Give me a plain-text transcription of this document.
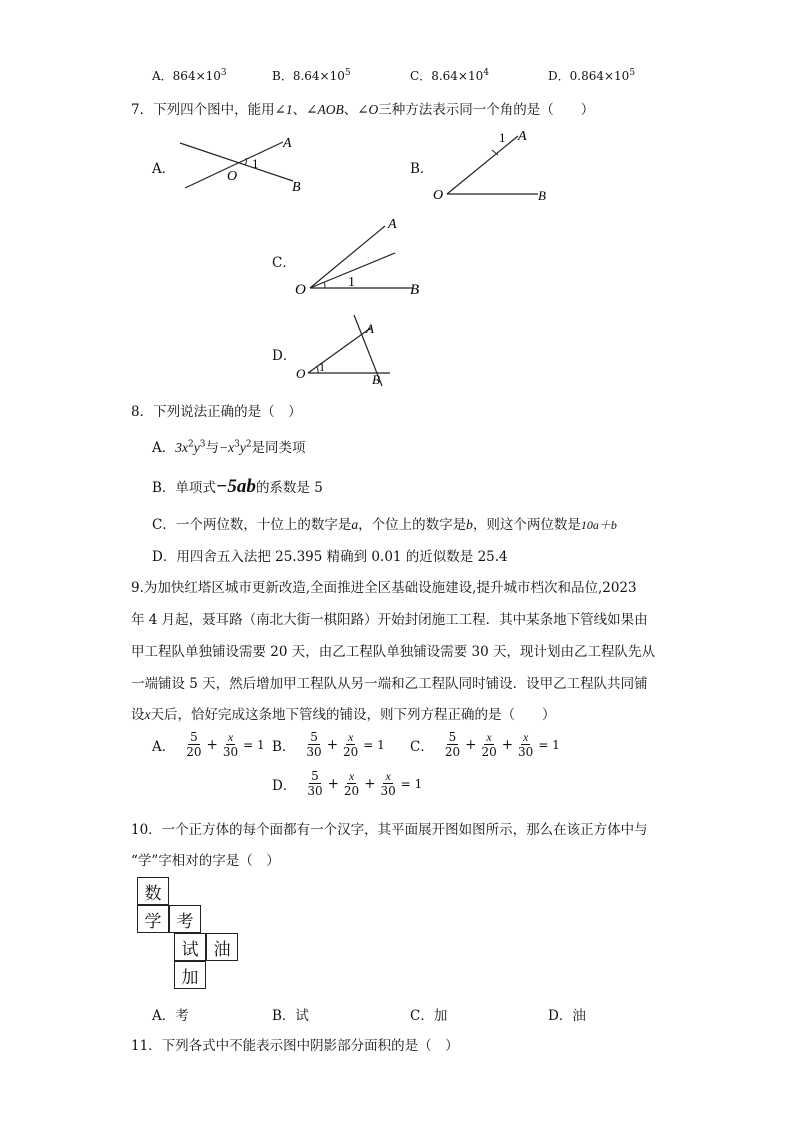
A．$864\times 10^3$	B．$8.64\times 10^5$	C．$8.64\times 10^4$	D．$0.864\times 10^5$
7．下列四个图中，能用∠1、∠AOB、∠O三种方法表示同一个角的是（　　）
A．	B．
C．
D．
O
1
A
B
1 A
O	B
A
1
O	B
A
1
O	B
8．下列说法正确的是（　）
A．$3x^2y^3$与$-x^3y^2$是同类项
B．单项式−5ab的系数是 5
C．一个两位数，十位上的数字是a，个位上的数字是b，则这个两位数是10a＋b
D．用四舍五入法把 25.395 精确到 0.01 的近似数是 25.4
9.为加快红塔区城市更新改造,全面推进全区基础设施建设,提升城市档次和品位,2023
年 4 月起，聂耳路（南北大街一棋阳路）开始封闭施工工程．其中某条地下管线如果由
甲工程队单独铺设需要 20 天，由乙工程队单独铺设需要 30 天，现计划由乙工程队先从
一端铺设 5 天，然后增加甲工程队从另一端和乙工程队同时铺设．设甲乙工程队共同铺
设x天后，恰好完成这条地下管线的铺设，则下列方程正确的是（　　）
A． $\frac{5}{20} + \frac{x}{30} = 1$ B． $\frac{5}{30} + \frac{x}{20} = 1$ C． $\frac{5}{20} + \frac{x}{20} + \frac{x}{30} = 1$
D． $\frac{5}{30} + \frac{x}{20} + \frac{x}{30} = 1$
10．一个正方体的每个面都有一个汉字，其平面展开图如图所示，那么在该正方体中与
“学”字相对的字是（　）
数
学 考
试 油
加
A．考	B．试	C．加	D．油
11．下列各式中不能表示图中阴影部分面积的是（　）
